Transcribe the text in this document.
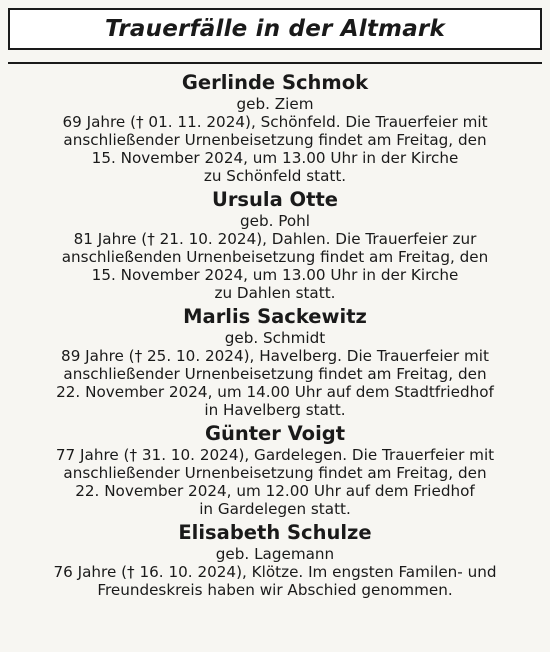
Trauerfälle in der Altmark
Gerlinde Schmok
geb. Ziem
69 Jahre († 01. 11. 2024), Schönfeld. Die Trauerfeier mit
anschließender Urnenbeisetzung findet am Freitag, den
15. November 2024, um 13.00 Uhr in der Kirche
zu Schönfeld statt.
Ursula Otte
geb. Pohl
81 Jahre († 21. 10. 2024), Dahlen. Die Trauerfeier zur
anschließenden Urnenbeisetzung findet am Freitag, den
15. November 2024, um 13.00 Uhr in der Kirche
zu Dahlen statt.
Marlis Sackewitz
geb. Schmidt
89 Jahre († 25. 10. 2024), Havelberg. Die Trauerfeier mit
anschließender Urnenbeisetzung findet am Freitag, den
22. November 2024, um 14.00 Uhr auf dem Stadtfriedhof
in Havelberg statt.
Günter Voigt
77 Jahre († 31. 10. 2024), Gardelegen. Die Trauerfeier mit
anschließender Urnenbeisetzung findet am Freitag, den
22. November 2024, um 12.00 Uhr auf dem Friedhof
in Gardelegen statt.
Elisabeth Schulze
geb. Lagemann
76 Jahre († 16. 10. 2024), Klötze. Im engsten Familen- und
Freundeskreis haben wir Abschied genommen.
